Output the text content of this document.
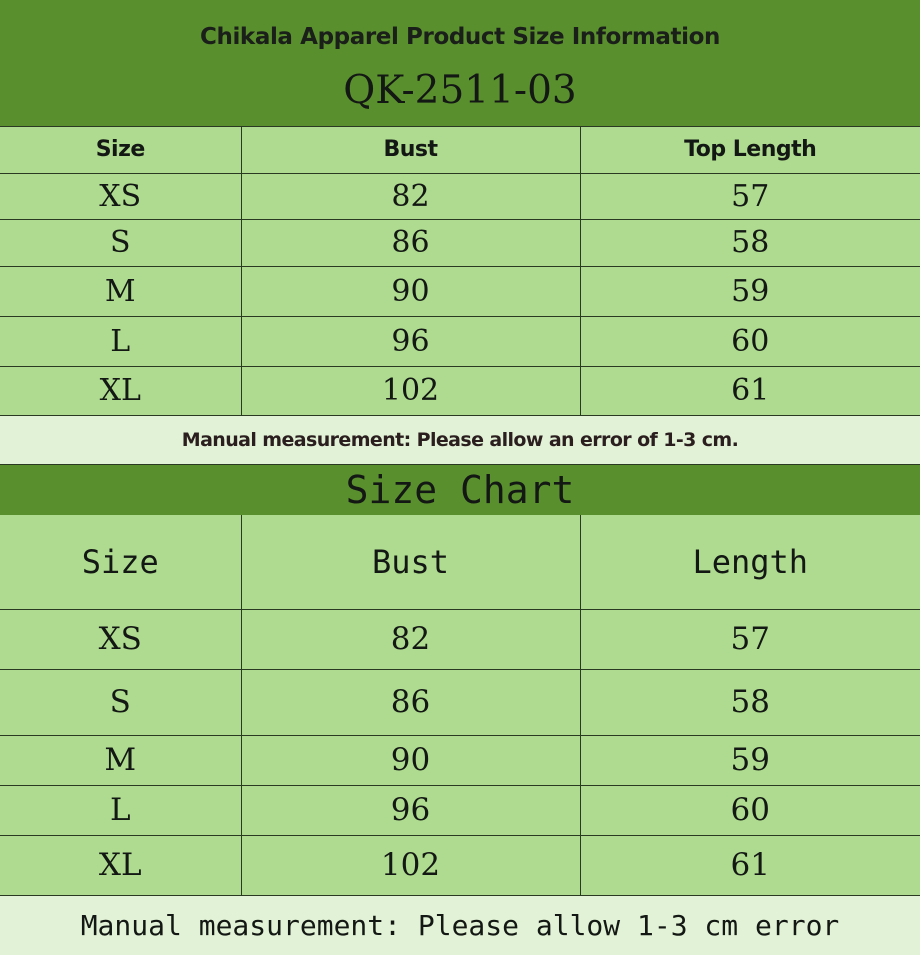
Chikala Apparel Product Size Information
QK-2511-03
Size	Bust	Top Length
XS	82	57
S	86	58
M	90	59
L	96	60
XL	102	61
Manual measurement: Please allow an error of 1-3 cm.
Size Chart
Size	Bust	Length
XS	82	57
S	86	58
M	90	59
L	96	60
XL	102	61
Manual measurement: Please allow 1-3 cm error
